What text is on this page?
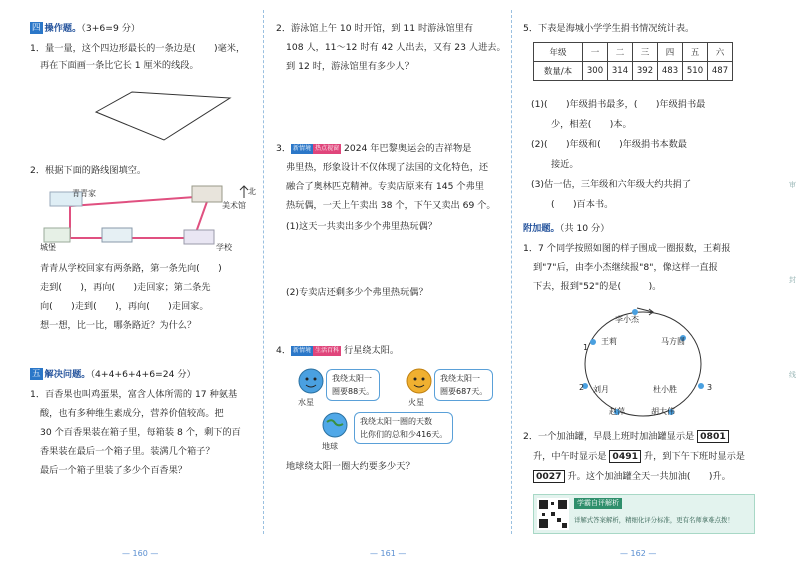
四 操作题。（3+6=9 分）
1．量一量，这个四边形最长的一条边是(　　)毫米，
再在下面画一条比它长 1 厘米的线段。
2．根据下面的路线图填空。
青青家
美术馆
城堡	学校
北
青青从学校回家有两条路，第一条先向(　　)
走到(　　)，再向(　　)走回家；第二条先
向(　　)走到(　　)，再向(　　)走回家。
想一想，比一比，哪条路近？为什么？
五 解决问题。（4+4+6+4+6=24 分）
1．百香果也叫鸡蛋果，富含人体所需的 17 种氨基
酸，也有多种维生素成分，营养价值较高。把
30 个百香果装在箱子里，每箱装 8 个，剩下的百
香果装在最后一个箱子里。装满几个箱子？
最后一个箱子里装了多少个百香果？
— 160 —
2．游泳馆上午 10 时开馆，到 11 时游泳馆里有
108 人，11～12 时有 42 人出去，又有 23 人进去。
到 12 时，游泳馆里有多少人？
3． 新情境 热点视窗 2024 年巴黎奥运会的吉祥物是
弗里热，形象设计不仅体现了法国的文化特色，还
融合了奥林匹克精神。专卖店原来有 145 个弗里
热玩偶，一天上午卖出 38 个，下午又卖出 69 个。
(1)这天一共卖出多少个弗里热玩偶？
(2)专卖店还剩多少个弗里热玩偶？
4． 新情境 生活百科 行星绕太阳。
我绕太阳一
圈要88天。
水星
我绕太阳一
圈要687天。
火星
我绕太阳一圈的天数
比你们的总和少416天。
地球
地球绕太阳一圈大约要多少天？
— 161 —
5．下表是海城小学学生捐书情况统计表。
年级	一	二	三	四	五	六
数量/本	300	314	392	483	510	487
(1)(　　)年级捐书最多，(　　)年级捐书最
少，相差(　　)本。
(2)(　　)年级和(　　)年级捐书本数最
接近。
(3)估一估，三年级和六年级大约共捐了
(　　)百本书。
附加题。（共 10 分）
1．7 个同学按照如图的样子围成一圈报数，王莉报
到"7"后，由李小杰继续报"8"，像这样一直报
下去，报到"52"的是(　　　)。
李小杰
王莉	马方圆
刘月	杜小胜
赵萍	胡大伟
1
2	3
2．一个加油罐，早晨上班时加油罐显示是 0801
升，中午时显示是 0491 升，到下午下班时显示是
0027 升。这个加油罐全天一共加油(　　)升。
学霸自评解析
详解式答案解析，精细化评分标准，更有名师拿难点拨！
— 162 —
审
封
线
